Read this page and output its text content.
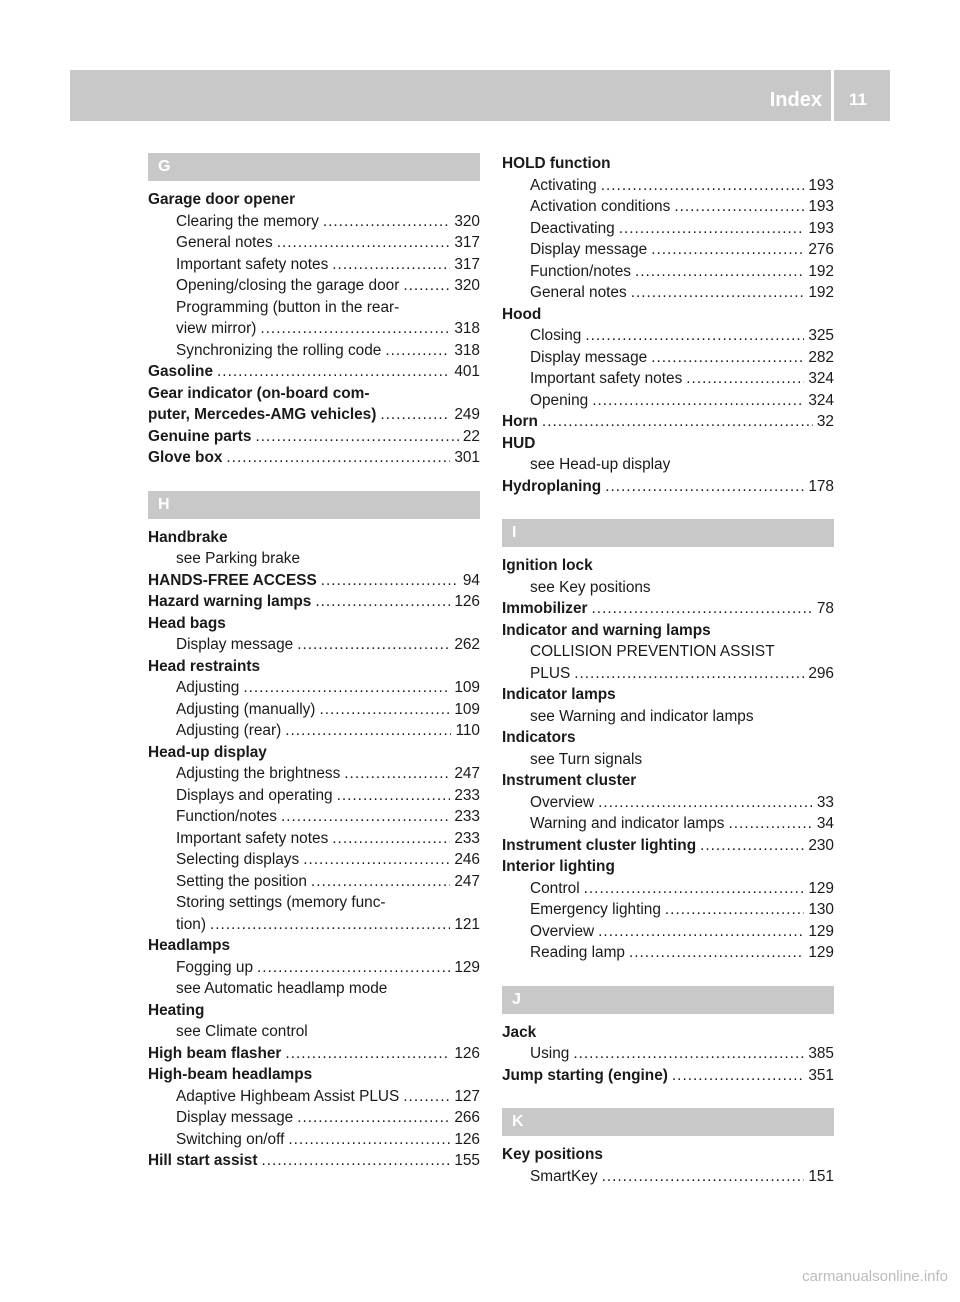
Index	11
G
Garage door opener
Clearing the memory .....	320
General notes .....	317
Important safety notes .....	317
Opening/closing the garage door .....	320
Programming (button in the rear-
view mirror) .....	318
Synchronizing the rolling code .....	318
Gasoline .....	401
Gear indicator (on-board com-
puter, Mercedes-AMG vehicles) .....	249
Genuine parts .....	22
Glove box .....	301
H
Handbrake
see Parking brake
HANDS-FREE ACCESS .....	94
Hazard warning lamps .....	126
Head bags
Display message .....	262
Head restraints
Adjusting .....	109
Adjusting (manually) .....	109
Adjusting (rear) .....	110
Head-up display
Adjusting the brightness .....	247
Displays and operating .....	233
Function/notes .....	233
Important safety notes .....	233
Selecting displays .....	246
Setting the position .....	247
Storing settings (memory func-
tion) .....	121
Headlamps
Fogging up .....	129
see Automatic headlamp mode
Heating
see Climate control
High beam flasher .....	126
High-beam headlamps
Adaptive Highbeam Assist PLUS .....	127
Display message .....	266
Switching on/off .....	126
Hill start assist .....	155
HOLD function
Activating .....	193
Activation conditions .....	193
Deactivating .....	193
Display message .....	276
Function/notes .....	192
General notes .....	192
Hood
Closing .....	325
Display message .....	282
Important safety notes .....	324
Opening .....	324
Horn .....	32
HUD
see Head-up display
Hydroplaning .....	178
I
Ignition lock
see Key positions
Immobilizer .....	78
Indicator and warning lamps
COLLISION PREVENTION ASSIST
PLUS .....	296
Indicator lamps
see Warning and indicator lamps
Indicators
see Turn signals
Instrument cluster
Overview .....	33
Warning and indicator lamps .....	34
Instrument cluster lighting .....	230
Interior lighting
Control .....	129
Emergency lighting .....	130
Overview .....	129
Reading lamp .....	129
J
Jack
Using .....	385
Jump starting (engine) .....	351
K
Key positions
SmartKey .....	151
carmanualsonline.info
